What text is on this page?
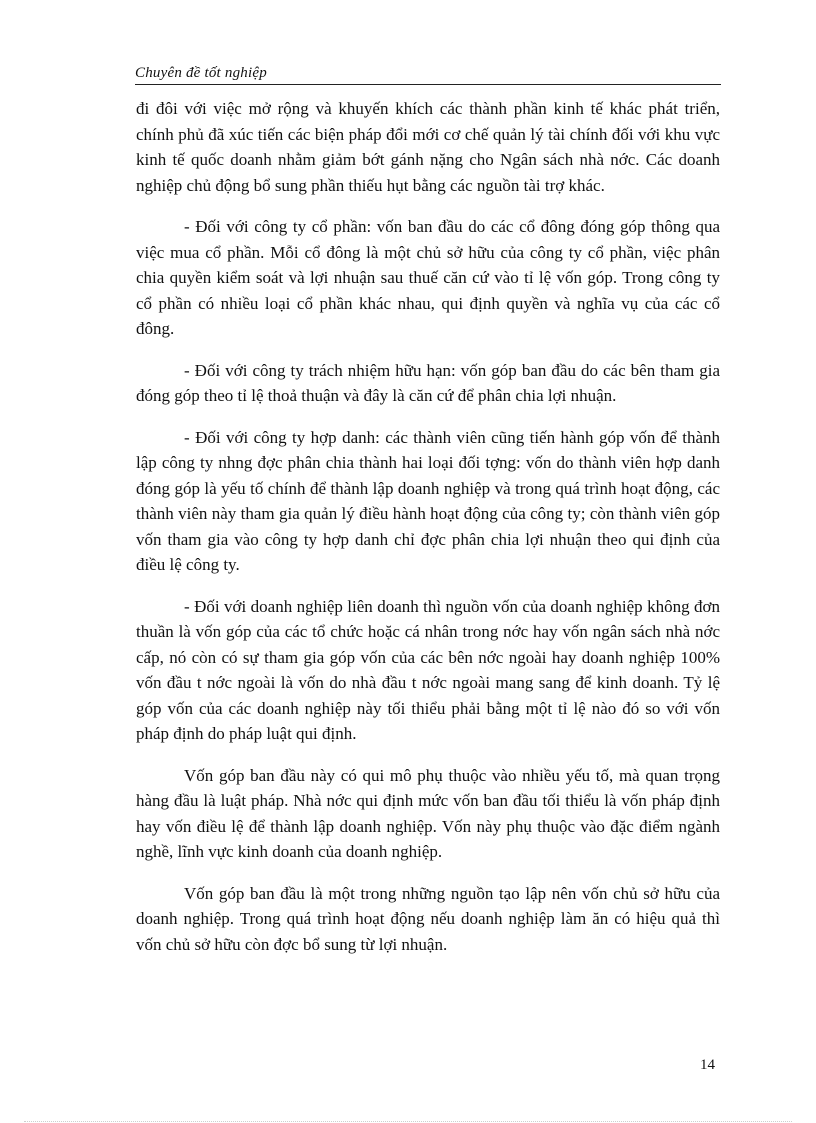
Chuyên đề tốt nghiệp

đi đôi với việc mở rộng và khuyến khích các thành phần kinh tế khác phát triển, chính phủ đã xúc tiến các biện pháp đổi mới cơ chế quản lý tài chính đối với khu vực kinh tế quốc doanh nhằm giảm bớt gánh nặng cho Ngân sách nhà nớc. Các doanh nghiệp chủ động bổ sung phần thiếu hụt bằng các nguồn tài trợ khác.

- Đối với công ty cổ phần: vốn ban đầu do các cổ đông đóng góp thông qua việc mua cổ phần. Mỗi cổ đông là một chủ sở hữu của công ty cổ phần, việc phân chia quyền kiểm soát và lợi nhuận sau thuế căn cứ vào tỉ lệ vốn góp. Trong công ty cổ phần có nhiều loại cổ phần khác nhau, qui định quyền và nghĩa vụ của các cổ đông.

- Đối với công ty trách nhiệm hữu hạn: vốn góp ban đầu do các bên tham gia đóng góp theo tỉ lệ thoả thuận và đây là căn cứ để phân chia lợi nhuận.

- Đối với công ty hợp danh: các thành viên cũng tiến hành góp vốn để thành lập công ty nhng đợc phân chia thành hai loại đối tợng: vốn do thành viên hợp danh đóng góp là yếu tố chính để thành lập doanh nghiệp và trong quá trình hoạt động, các thành viên này tham gia quản lý điều hành hoạt động của công ty; còn thành viên góp vốn tham gia vào công ty hợp danh chỉ đợc phân chia lợi nhuận theo qui định của điều lệ công ty.

- Đối với doanh nghiệp liên doanh thì nguồn vốn của doanh nghiệp không đơn thuần là vốn góp của các tổ chức hoặc cá nhân trong nớc hay vốn ngân sách nhà nớc cấp, nó còn có sự tham gia góp vốn của các bên nớc ngoài hay doanh nghiệp 100% vốn đầu t nớc ngoài là vốn do nhà đầu t nớc ngoài mang sang để kinh doanh. Tỷ lệ góp vốn của các doanh nghiệp này tối thiểu phải bằng một tỉ lệ nào đó so với vốn pháp định do pháp luật qui định.

Vốn góp ban đầu này có qui mô phụ thuộc vào nhiều yếu tố, mà quan trọng hàng đầu là luật pháp. Nhà nớc qui định mức vốn ban đầu tối thiểu là vốn pháp định hay vốn điều lệ để thành lập doanh nghiệp. Vốn này phụ thuộc vào đặc điểm ngành nghề, lĩnh vực kinh doanh của doanh nghiệp.

Vốn góp ban đầu là một trong những nguồn tạo lập nên vốn chủ sở hữu của doanh nghiệp. Trong quá trình hoạt động nếu doanh nghiệp làm ăn có hiệu quả thì vốn chủ sở hữu còn đợc bổ sung từ lợi nhuận.

14
